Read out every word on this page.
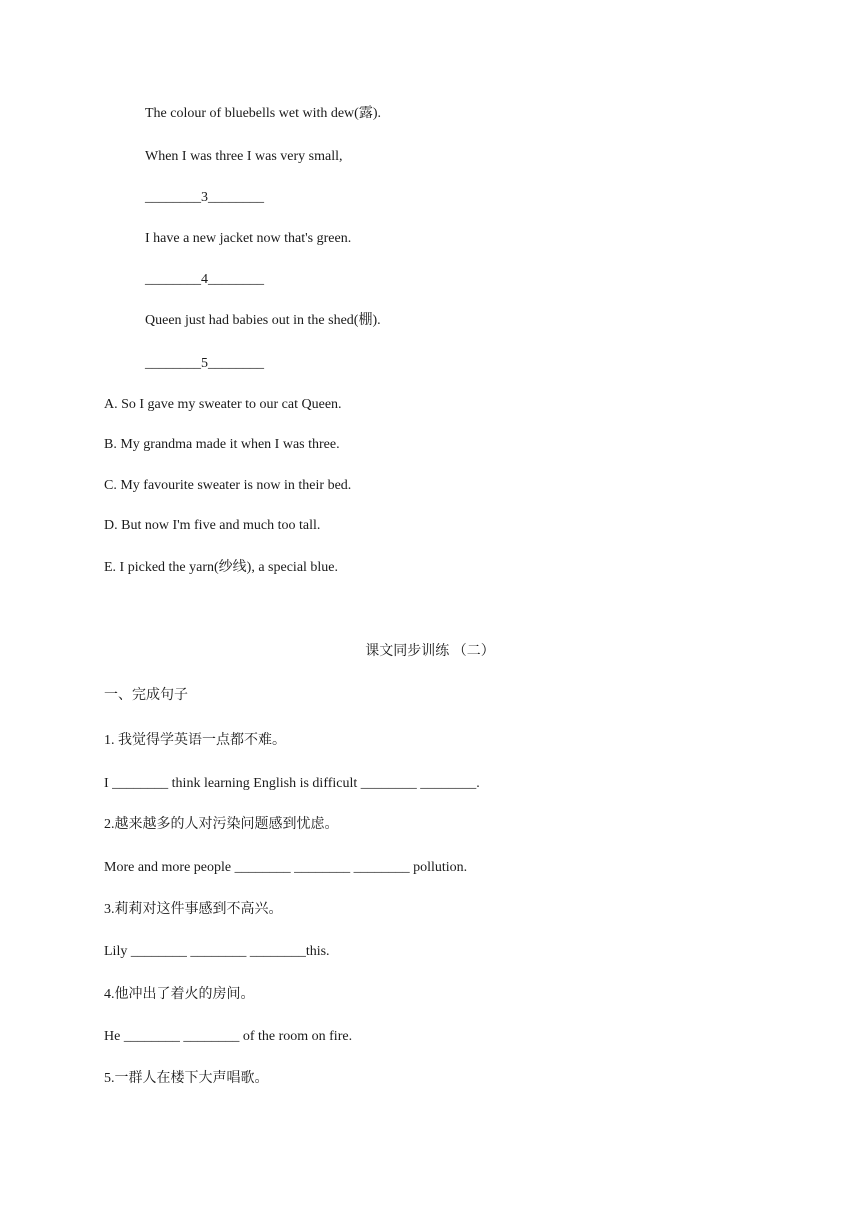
The colour of bluebells wet with dew(露).
When I was three I was very small,
________3________
I have a new jacket now that's green.
________4________
Queen just had babies out in the shed(棚).
________5________
A. So I gave my sweater to our cat Queen.
B. My grandma made it when I was three.
C. My favourite sweater is now in their bed.
D. But now I'm five and much too tall.
E. I picked the yarn(纱线), a special blue.
课文同步训练 （二）
一、完成句子
1. 我觉得学英语一点都不难。
I ________ think learning English is difficult ________ ________.
2.越来越多的人对污染问题感到忧虑。
More and more people ________ ________ ________ pollution.
3.莉莉对这件事感到不高兴。
Lily ________ ________ ________this.
4.他冲出了着火的房间。
He ________ ________ of the room on fire.
5.一群人在楼下大声唱歌。
